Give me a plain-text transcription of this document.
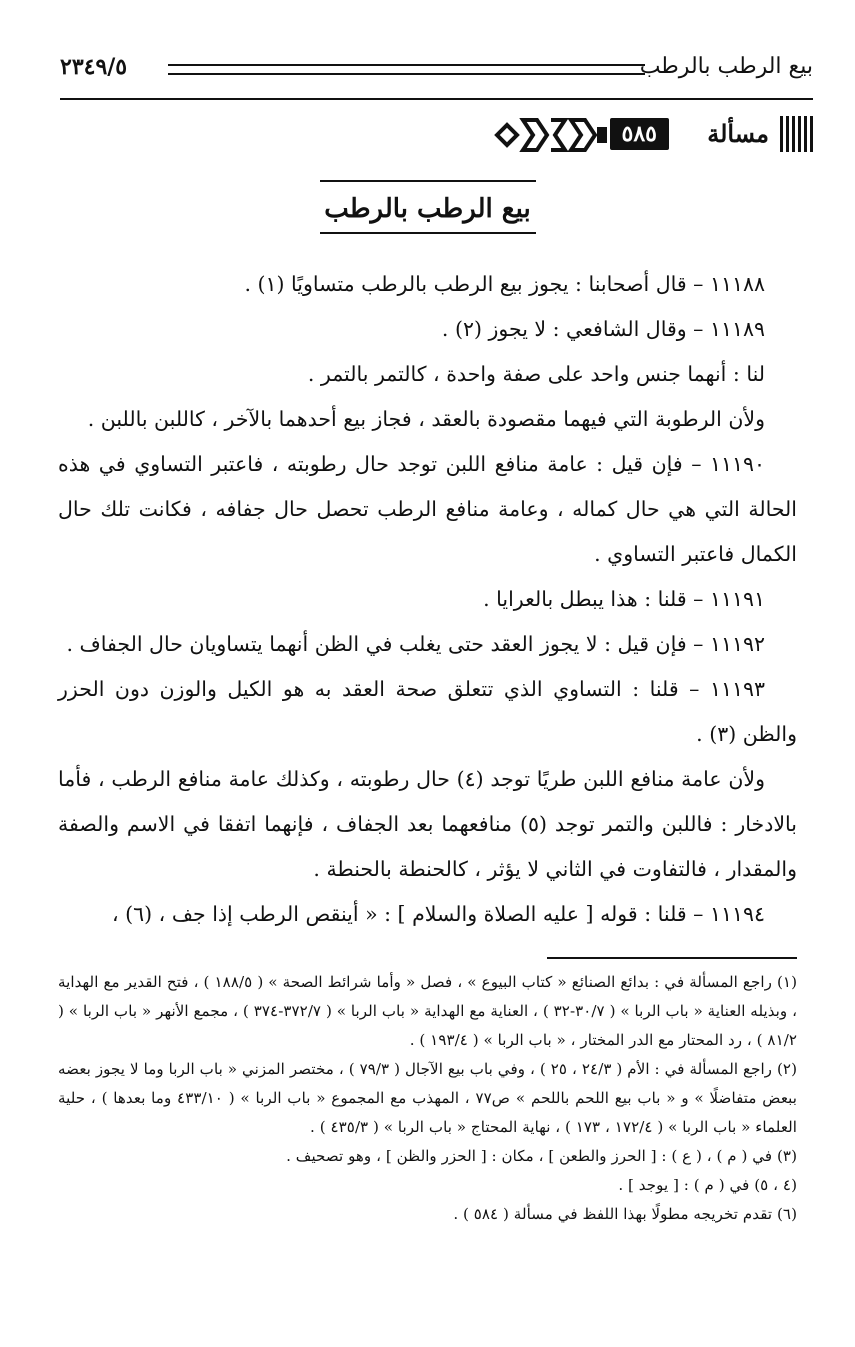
بيع الرطب بالرطب
٢٣٤٩/٥
مسألة
٥٨٥
بيع الرطب بالرطب

١١١٨٨ – قال أصحابنا : يجوز بيع الرطب بالرطب متساويًا (١) .

١١١٨٩ – وقال الشافعي : لا يجوز (٢) .

لنا : أنهما جنس واحد على صفة واحدة ، كالتمر بالتمر .

ولأن الرطوبة التي فيهما مقصودة بالعقد ، فجاز بيع أحدهما بالآخر ، كاللبن باللبن .

١١١٩٠ – فإن قيل : عامة منافع اللبن توجد حال رطوبته ، فاعتبر التساوي في هذه الحالة التي هي حال كماله ، وعامة منافع الرطب تحصل حال جفافه ، فكانت تلك حال الكمال فاعتبر التساوي .

١١١٩١ – قلنا : هذا يبطل بالعرايا .

١١١٩٢ – فإن قيل : لا يجوز العقد حتى يغلب في الظن أنهما يتساويان حال الجفاف .

١١١٩٣ – قلنا : التساوي الذي تتعلق صحة العقد به هو الكيل والوزن دون الحزر والظن (٣) .

ولأن عامة منافع اللبن طريًا توجد (٤) حال رطوبته ، وكذلك عامة منافع الرطب ، فأما بالادخار : فاللبن والتمر توجد (٥) منافعهما بعد الجفاف ، فإنهما اتفقا في الاسم والصفة والمقدار ، فالتفاوت في الثاني لا يؤثر ، كالحنطة بالحنطة .

١١١٩٤ – قلنا : قوله [ عليه الصلاة والسلام ] : « أينقص الرطب إذا جف ، (٦) ،

(١) راجع المسألة في : بدائع الصنائع « كتاب البيوع » ، فصل « وأما شرائط الصحة » ( ١٨٨/٥ ) ، فتح القدير مع الهداية ، وبذيله العناية « باب الربا » ( ٣٠/٧-٣٢ ) ، العناية مع الهداية « باب الربا » ( ٣٧٢/٧-٣٧٤ ) ، مجمع الأنهر « باب الربا » ( ٨١/٢ ) ، رد المحتار مع الدر المختار ، « باب الربا » ( ١٩٣/٤ ) .

(٢) راجع المسألة في : الأم ( ٢٤/٣ ، ٢٥ ) ، وفي باب بيع الآجال ( ٧٩/٣ ) ، مختصر المزني « باب الربا وما لا يجوز بعضه ببعض متفاضلًا » و « باب بيع اللحم باللحم » ص٧٧ ، المهذب مع المجموع « باب الربا » ( ٤٣٣/١٠ وما بعدها ) ، حلية العلماء « باب الربا » ( ١٧٢/٤ ، ١٧٣ ) ، نهاية المحتاج « باب الربا » ( ٤٣٥/٣ ) .

(٣) في ( م ) ، ( ع ) : [ الحرز والطعن ] ، مكان : [ الحزر والظن ] ، وهو تصحيف .

(٤ ، ٥) في ( م ) : [ يوجد ] .

(٦) تقدم تخريجه مطولًا بهذا اللفظ في مسألة ( ٥٨٤ ) .
